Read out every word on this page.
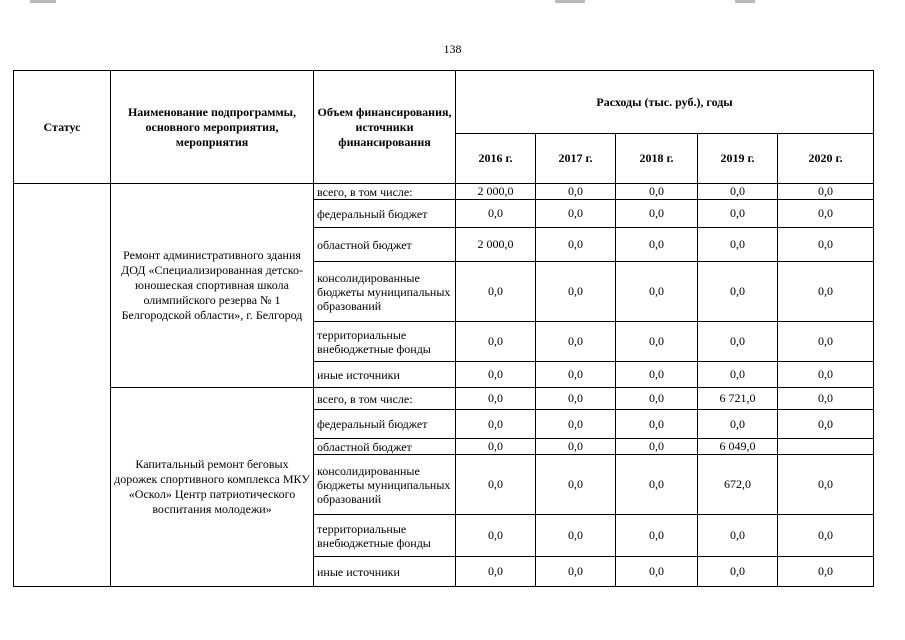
138
Статус	Наименование подпрограммы, основного мероприятия, мероприятия	Объем финансирования, источники финансирования	Расходы (тыс. руб.), годы				
			2016 г.	2017 г.	2018 г.	2019 г.	2020 г.
	Ремонт административного здания ДОД «Специализированная детско-юношеская спортивная школа олимпийского резерва № 1 Белгородской области», г. Белгород	всего, в том числе:	2 000,0	0,0	0,0	0,0	0,0
		федеральный бюджет	0,0	0,0	0,0	0,0	0,0
		областной бюджет	2 000,0	0,0	0,0	0,0	0,0
		консолидированные бюджеты муниципальных образований	0,0	0,0	0,0	0,0	0,0
		территориальные внебюджетные фонды	0,0	0,0	0,0	0,0	0,0
		иные источники	0,0	0,0	0,0	0,0	0,0
	Капитальный ремонт беговых дорожек спортивного комплекса МКУ «Оскол» Центр патриотического воспитания молодежи»	всего, в том числе:	0,0	0,0	0,0	6 721,0	0,0
		федеральный бюджет	0,0	0,0	0,0	0,0	0,0
		областной бюджет	0,0	0,0	0,0	6 049,0	
		консолидированные бюджеты муниципальных образований	0,0	0,0	0,0	672,0	0,0
		территориальные внебюджетные фонды	0,0	0,0	0,0	0,0	0,0
		иные источники	0,0	0,0	0,0	0,0	0,0
